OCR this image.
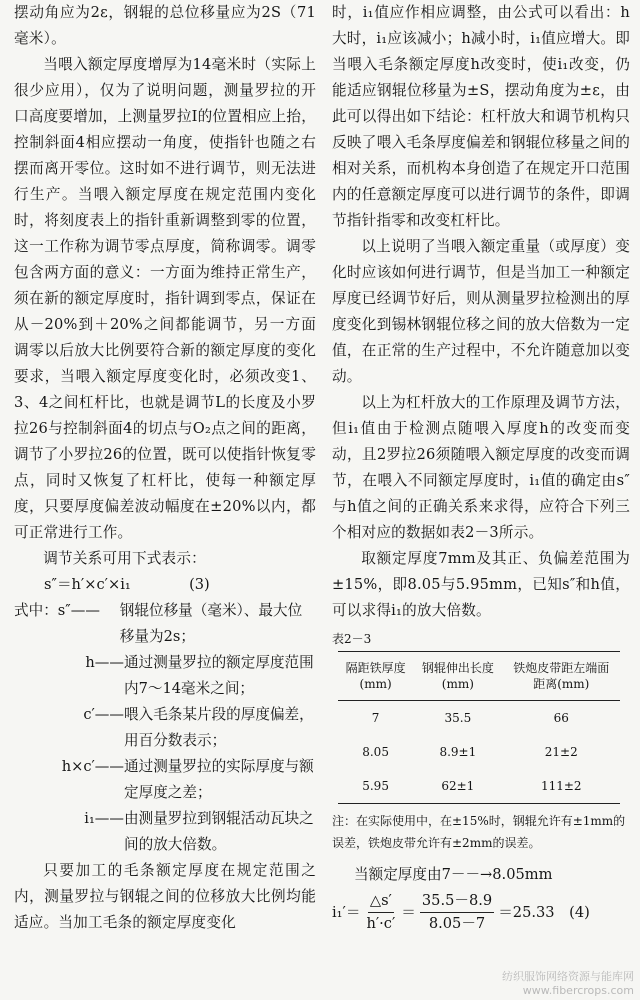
摆动角应为2ε，钢辊的总位移量应为2S（71毫米）。

当喂入额定厚度增厚为14毫米时（实际上很少应用），仅为了说明问题，测量罗拉的开口高度要增加，上测量罗拉Ⅰ的位置相应上抬，控制斜面4相应摆动一角度，使指针也随之右摆而离开零位。这时如不进行调节，则无法进行生产。当喂入额定厚度在规定范围内变化时，将刻度表上的指针重新调整到零的位置，这一工作称为调节零点厚度，简称调零。调零包含两方面的意义：一方面为维持正常生产，须在新的额定厚度时，指针调到零点，保证在从－20%到＋20%之间都能调节，另一方面调零以后放大比例要符合新的额定厚度的变化要求，当喂入额定厚度变化时，必须改变1、3、4之间杠杆比，也就是调节L的长度及小罗拉26与控制斜面4的切点与O₂点之间的距离，调节了小罗拉26的位置，既可以使指针恢复零点，同时又恢复了杠杆比，使每一种额定厚度，只要厚度偏差波动幅度在±20%以内，都可正常进行工作。

调节关系可用下式表示：

s″＝h′×c′×i₁　　　　(3)

式中： s″——	钢辊位移量（毫米）、最大位移量为2s；
h—— 通过测量罗拉的额定厚度范围内7～14毫米之间；
c′—— 喂入毛条某片段的厚度偏差，用百分数表示；
h×c′—— 通过测量罗拉的实际厚度与额定厚度之差；
i₁—— 由测量罗拉到钢辊活动瓦块之间的放大倍数。

只要加工的毛条额定厚度在规定范围之内，测量罗拉与钢辊之间的位移放大比例均能适应。当加工毛条的额定厚度变化

时，i₁值应作相应调整，由公式可以看出：h大时，i₁应该减小；h减小时，i₁值应增大。即当喂入毛条额定厚度h改变时，使i₁改变，仍能适应钢辊位移量为±S，摆动角度为±ε，由此可以得出如下结论：杠杆放大和调节机构只反映了喂入毛条厚度偏差和钢辊位移量之间的相对关系，而机构本身创造了在规定开口范围内的任意额定厚度可以进行调节的条件，即调节指针指零和改变杠杆比。

以上说明了当喂入额定重量（或厚度）变化时应该如何进行调节，但是当加工一种额定厚度已经调节好后，则从测量罗拉检测出的厚度变化到锡林钢辊位移之间的放大倍数为一定值，在正常的生产过程中，不允许随意加以变动。

以上为杠杆放大的工作原理及调节方法，但i₁值由于检测点随喂入厚度h的改变而变动，且2罗拉26须随喂入额定厚度的改变而调节，在喂入不同额定厚度时，i₁值的确定由s″与h值之间的正确关系来求得，应符合下列三个相对应的数据如表2－3所示。

取额定厚度7mm及其正、负偏差范围为±15%，即8.05与5.95mm，已知s″和h值，可以求得i₁的放大倍数。

表2－3
隔距铁厚度
(mm)	钢辊伸出长度
(mm)	铁炮皮带距左端面
距离(mm)
7	35.5	66
8.05	8.9±1	21±2
5.95	62±1	111±2

注：在实际使用中，在±15%时，钢辊允许有±1mm的误差，铁炮皮带允许有±2mm的误差。

当额定厚度由7－－→8.05mm
$i_1'= \frac{\triangle s'}{h'\cdot c'} = \frac{35.5-8.9}{8.05-7} =25.33$　(4)
纺织服饰网络资源与能库网
www.fibercrops.com
